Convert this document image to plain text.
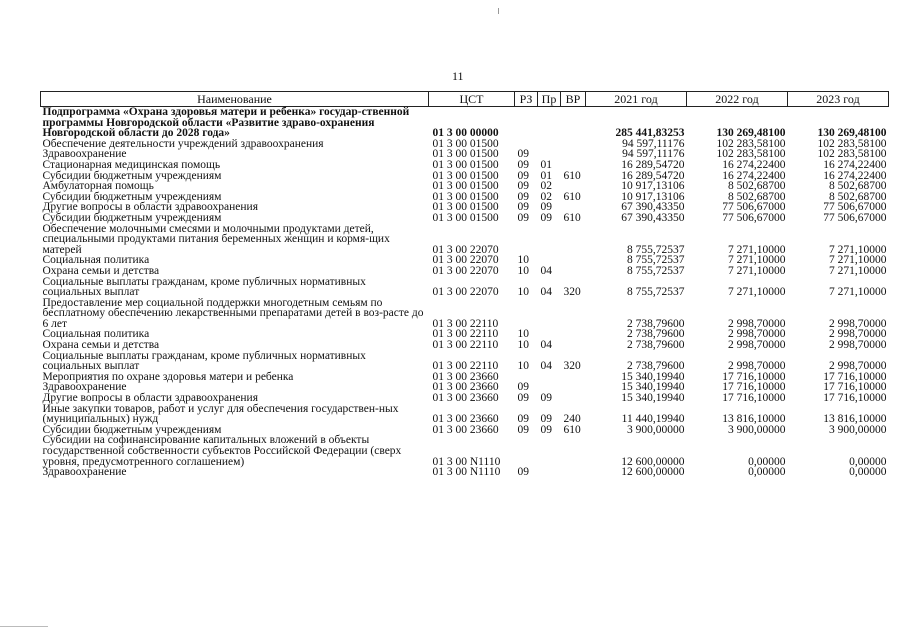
11
Наименование	ЦСТ	РЗ	Пр	ВР	2021 год	2022 год	2023 год
Подпрограмма «Охрана здоровья матери и ребенка» государ-ственной программы Новгородской области «Развитие здраво-охранения Новгородской области до 2028 года»	01 3 00 00000				285 441,83253	130 269,48100	130 269,48100
Обеспечение деятельности учреждений здравоохранения	01 3 00 01500				94 597,11176	102 283,58100	102 283,58100
Здравоохранение	01 3 00 01500	09			94 597,11176	102 283,58100	102 283,58100
Стационарная медицинская помощь	01 3 00 01500	09	01		16 289,54720	16 274,22400	16 274,22400
Субсидии бюджетным учреждениям	01 3 00 01500	09	01	610	16 289,54720	16 274,22400	16 274,22400
Амбулаторная помощь	01 3 00 01500	09	02		10 917,13106	8 502,68700	8 502,68700
Субсидии бюджетным учреждениям	01 3 00 01500	09	02	610	10 917,13106	8 502,68700	8 502,68700
Другие вопросы в области здравоохранения	01 3 00 01500	09	09		67 390,43350	77 506,67000	77 506,67000
Субсидии бюджетным учреждениям	01 3 00 01500	09	09	610	67 390,43350	77 506,67000	77 506,67000
Обеспечение молочными смесями и молочными продуктами детей, специальными продуктами питания беременных женщин и кормя-щих матерей	01 3 00 22070				8 755,72537	7 271,10000	7 271,10000
Социальная политика	01 3 00 22070	10			8 755,72537	7 271,10000	7 271,10000
Охрана семьи и детства	01 3 00 22070	10	04		8 755,72537	7 271,10000	7 271,10000
Социальные выплаты гражданам, кроме публичных нормативных социальных выплат	01 3 00 22070	10	04	320	8 755,72537	7 271,10000	7 271,10000
Предоставление мер социальной поддержки многодетным семьям по бесплатному обеспечению лекарственными препаратами детей в воз-расте до 6 лет	01 3 00 22110				2 738,79600	2 998,70000	2 998,70000
Социальная политика	01 3 00 22110	10			2 738,79600	2 998,70000	2 998,70000
Охрана семьи и детства	01 3 00 22110	10	04		2 738,79600	2 998,70000	2 998,70000
Социальные выплаты гражданам, кроме публичных нормативных социальных выплат	01 3 00 22110	10	04	320	2 738,79600	2 998,70000	2 998,70000
Мероприятия по охране здоровья матери и ребенка	01 3 00 23660				15 340,19940	17 716,10000	17 716,10000
Здравоохранение	01 3 00 23660	09			15 340,19940	17 716,10000	17 716,10000
Другие вопросы в области здравоохранения	01 3 00 23660	09	09		15 340,19940	17 716,10000	17 716,10000
Иные закупки товаров, работ и услуг для обеспечения государствен-ных (муниципальных) нужд	01 3 00 23660	09	09	240	11 440,19940	13 816,10000	13 816,10000
Субсидии бюджетным учреждениям	01 3 00 23660	09	09	610	3 900,00000	3 900,00000	3 900,00000
Субсидии на софинансирование капитальных вложений в объекты государственной собственности субъектов Российской Федерации (сверх уровня, предусмотренного соглашением)	01 3 00 N1110				12 600,00000	0,00000	0,00000
Здравоохранение	01 3 00 N1110	09			12 600,00000	0,00000	0,00000
